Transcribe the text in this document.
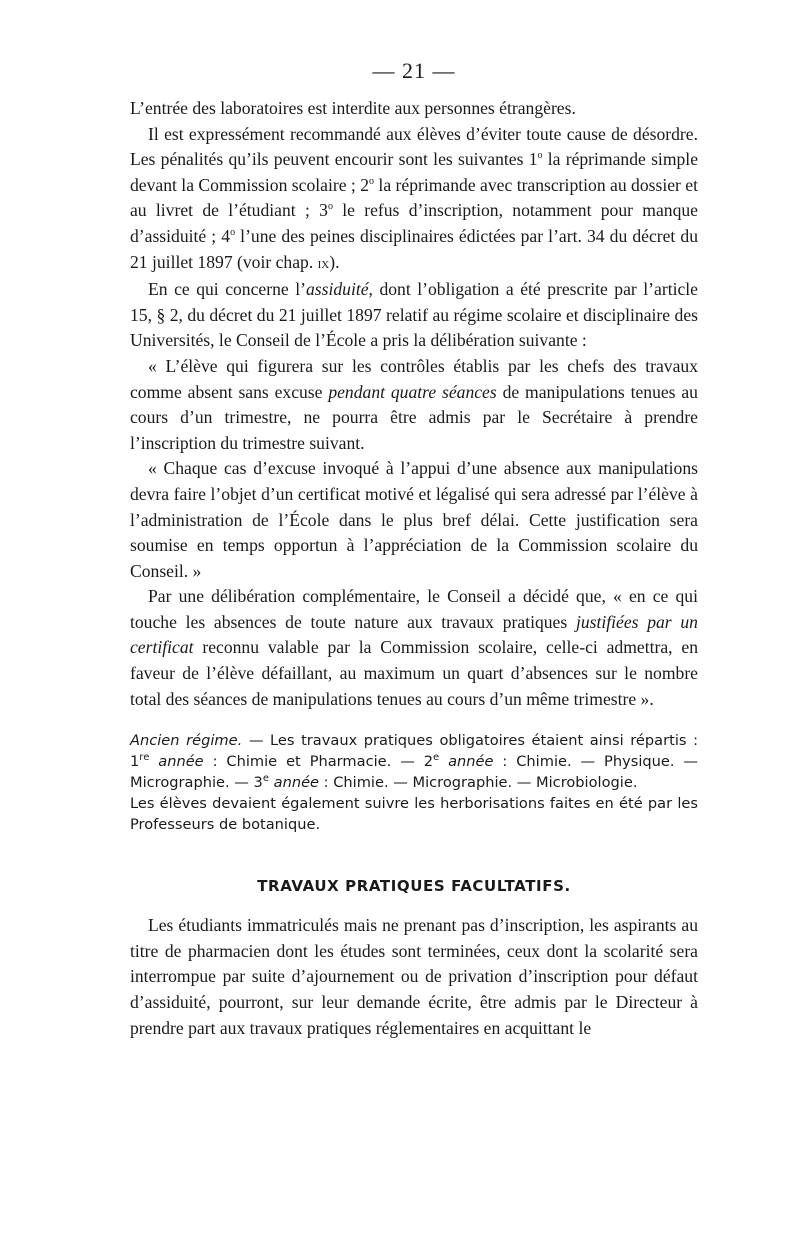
— 21 —

L’entrée des laboratoires est interdite aux personnes étrangères.

Il est expressément recommandé aux élèves d’éviter toute cause de désordre. Les pénalités qu’ils peuvent encourir sont les suivantes 1$^o$ la réprimande simple devant la Commission scolaire ; 2$^o$ la réprimande avec transcription au dossier et au livret de l’étudiant ; 3$^o$ le refus d’inscription, notamment pour manque d’assiduité ; 4$^o$ l’une des peines disciplinaires édictées par l’art. 34 du décret du 21 juillet 1897 (voir chap. ix).

En ce qui concerne l’assiduité, dont l’obligation a été prescrite par l’article 15, § 2, du décret du 21 juillet 1897 relatif au régime scolaire et disciplinaire des Universités, le Conseil de l’École a pris la délibération suivante :

« L’élève qui figurera sur les contrôles établis par les chefs des travaux comme absent sans excuse pendant quatre séances de manipulations tenues au cours d’un trimestre, ne pourra être admis par le Secrétaire à prendre l’inscription du trimestre suivant.

« Chaque cas d’excuse invoqué à l’appui d’une absence aux manipulations devra faire l’objet d’un certificat motivé et légalisé qui sera adressé par l’élève à l’administration de l’École dans le plus bref délai. Cette justification sera soumise en temps opportun à l’appréciation de la Commission scolaire du Conseil. »

Par une délibération complémentaire, le Conseil a décidé que, « en ce qui touche les absences de toute nature aux travaux pratiques justifiées par un certificat reconnu valable par la Commission scolaire, celle-ci admettra, en faveur de l’élève défaillant, au maximum un quart d’absences sur le nombre total des séances de manipulations tenues au cours d’un même trimestre ».

Ancien régime. — Les travaux pratiques obligatoires étaient ainsi répartis : 1re année : Chimie et Pharmacie. — 2e année : Chimie. — Physique. — Micrographie. — 3e année : Chimie. — Micrographie. — Microbiologie.

Les élèves devaient également suivre les herborisations faites en été par les Professeurs de botanique.

TRAVAUX PRATIQUES FACULTATIFS.

Les étudiants immatriculés mais ne prenant pas d’inscription, les aspirants au titre de pharmacien dont les études sont terminées, ceux dont la scolarité sera interrompue par suite d’ajournement ou de privation d’inscription pour défaut d’assiduité, pourront, sur leur demande écrite, être admis par le Directeur à prendre part aux travaux pratiques réglementaires en acquittant le
